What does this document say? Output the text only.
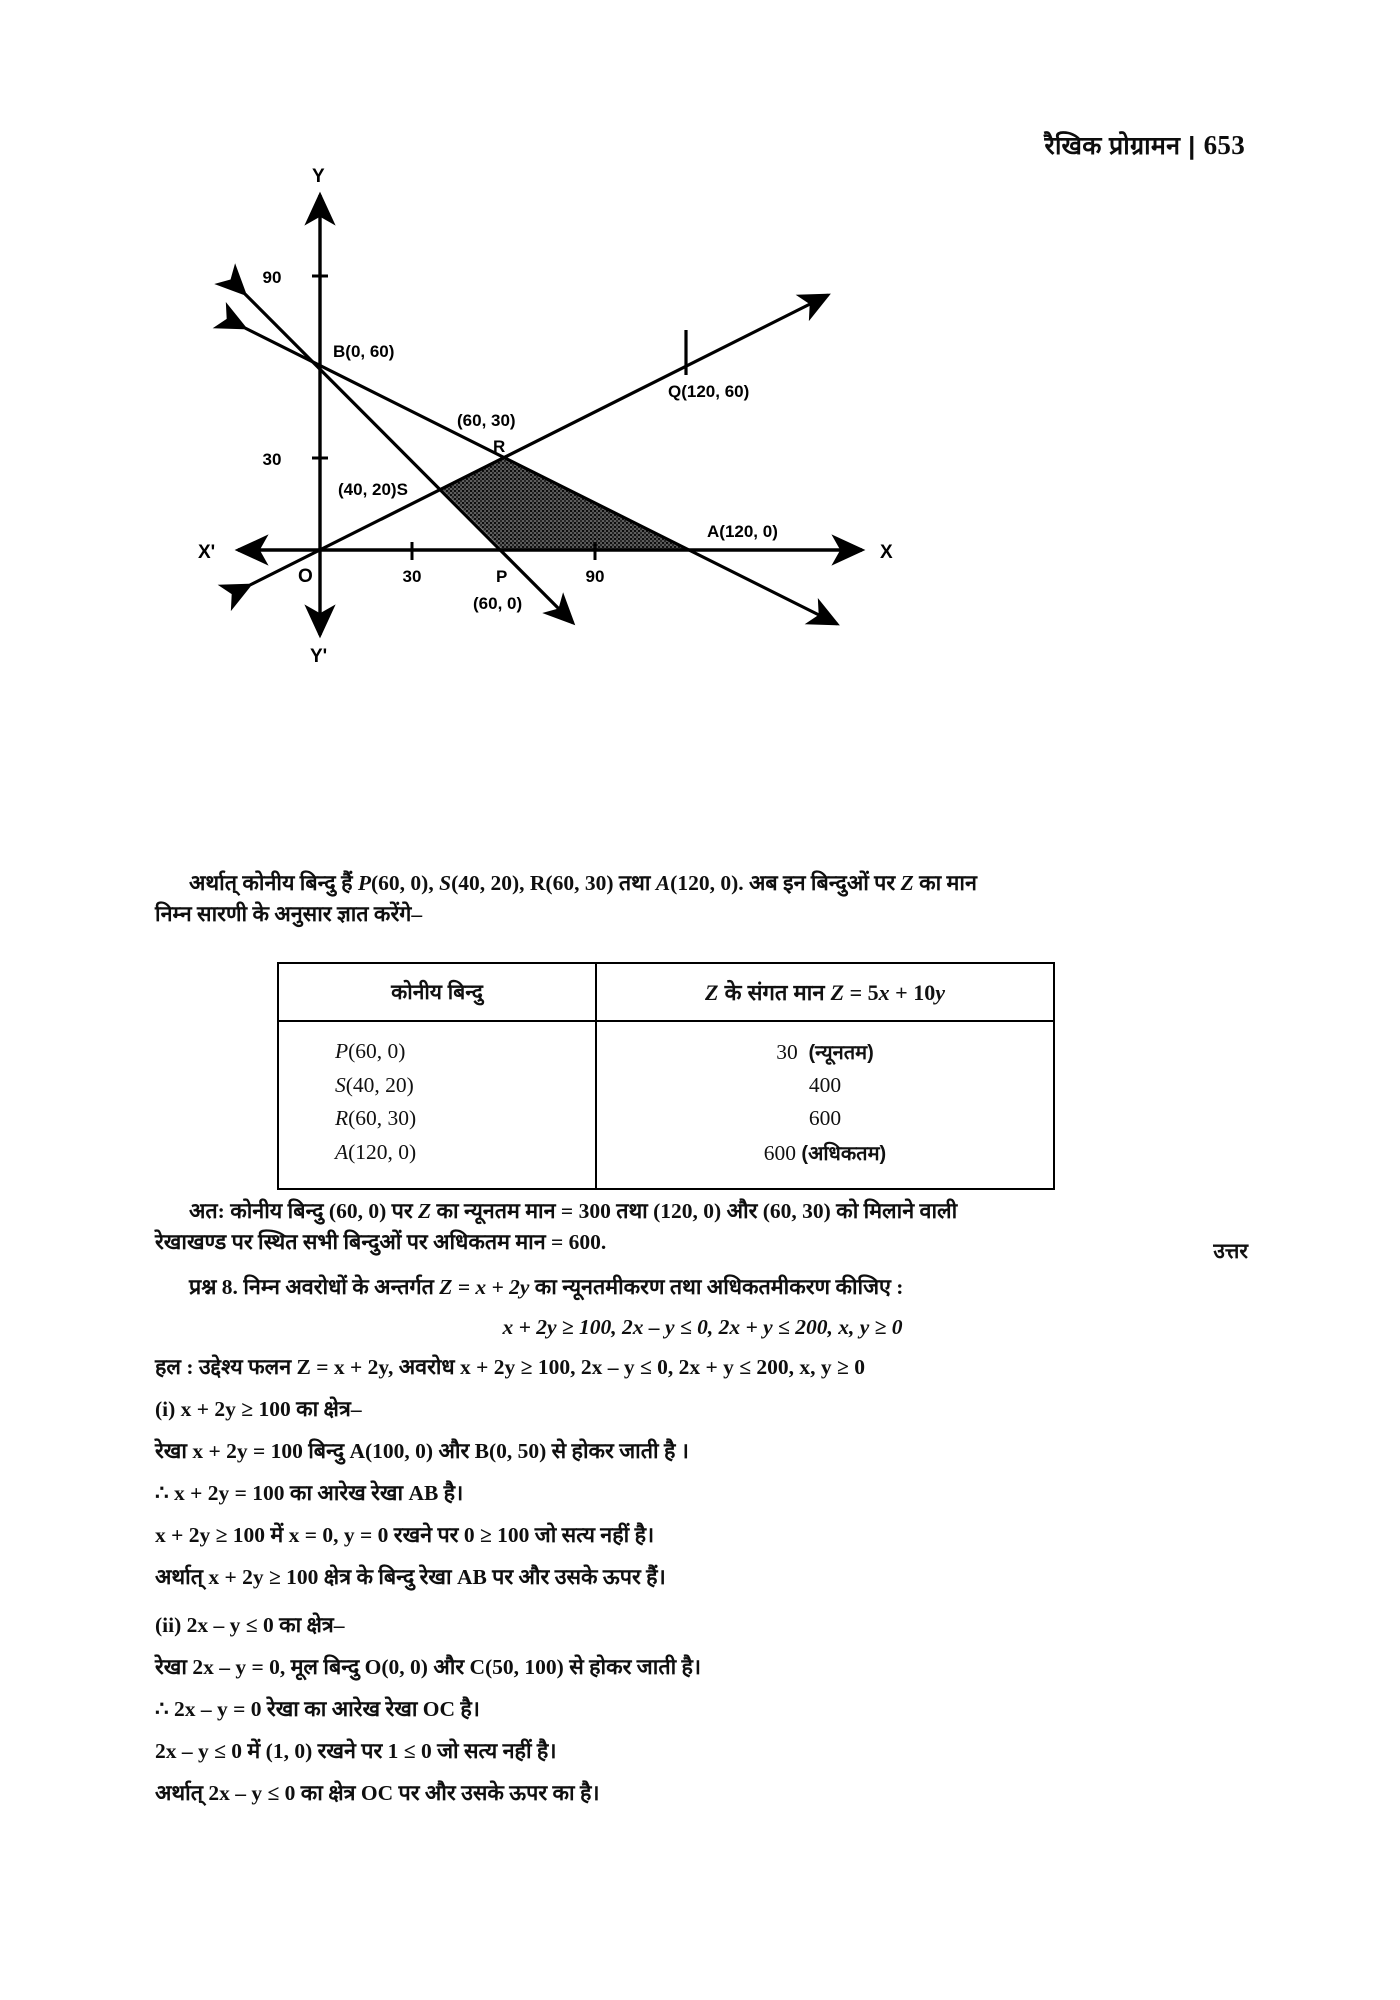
रैखिक प्रोग्रामन | 653
Y
Y'
X
X'
O
90
30
30	90
B(0, 60)
Q(120, 60)
(60, 30)
R
(40, 20)S
P
(60, 0)
A(120, 0)
अर्थात् कोनीय बिन्दु हैं P(60, 0), S(40, 20), R(60, 30) तथा A(120, 0). अब इन बिन्दुओं पर Z का मान
निम्न सारणी के अनुसार ज्ञात करेंगे–
कोनीय बिन्दु	Z के संगत मान Z = 5x + 10y
P(60, 0)	30 (न्यूनतम)
S(40, 20)	400
R(60, 30)	600
A(120, 0)	600 (अधिकतम)
अत: कोनीय बिन्दु (60, 0) पर Z का न्यूनतम मान = 300 तथा (120, 0) और (60, 30) को मिलाने वाली
रेखाखण्ड पर स्थित सभी बिन्दुओं पर अधिकतम मान = 600.	उत्तर
प्रश्न 8. निम्न अवरोधों के अन्तर्गत Z = x + 2y का न्यूनतमीकरण तथा अधिकतमीकरण कीजिए :
x + 2y ≥ 100, 2x – y ≤ 0, 2x + y ≤ 200, x, y ≥ 0
हल : उद्देश्य फलन Z = x + 2y, अवरोध x + 2y ≥ 100, 2x – y ≤ 0, 2x + y ≤ 200, x, y ≥ 0
(i) x + 2y ≥ 100 का क्षेत्र–
रेखा x + 2y = 100 बिन्दु A(100, 0) और B(0, 50) से होकर जाती है ।
∴ x + 2y = 100 का आरेख रेखा AB है।
x + 2y ≥ 100 में x = 0, y = 0 रखने पर 0 ≥ 100 जो सत्य नहीं है।
अर्थात् x + 2y ≥ 100 क्षेत्र के बिन्दु रेखा AB पर और उसके ऊपर हैं।
(ii) 2x – y ≤ 0 का क्षेत्र–
रेखा 2x – y = 0, मूल बिन्दु O(0, 0) और C(50, 100) से होकर जाती है।
∴ 2x – y = 0 रेखा का आरेख रेखा OC है।
2x – y ≤ 0 में (1, 0) रखने पर 1 ≤ 0 जो सत्य नहीं है।
अर्थात् 2x – y ≤ 0 का क्षेत्र OC पर और उसके ऊपर का है।
